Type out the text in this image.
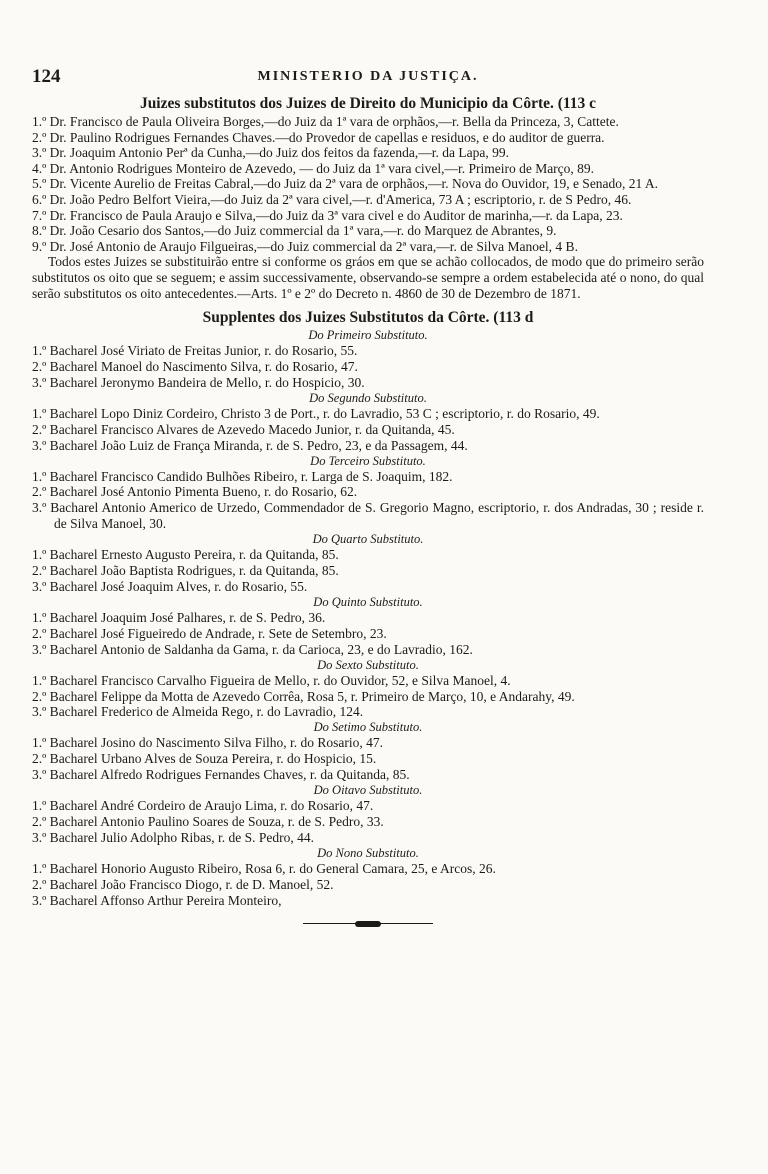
124	MINISTERIO DA JUSTIÇA.
Juizes substitutos dos Juizes de Direito do Municipio da Côrte. (113 c

1.º Dr. Francisco de Paula Oliveira Borges,—do Juiz da 1ª vara de orphãos,—r. Bella da Princeza, 3, Cattete.

2.º Dr. Paulino Rodrigues Fernandes Chaves.—do Provedor de capellas e residuos, e do auditor de guerra.

3.º Dr. Joaquim Antonio Perª da Cunha,—do Juiz dos feitos da fazenda,—r. da Lapa, 99.

4.º Dr. Antonio Rodrigues Monteiro de Azevedo, — do Juiz da 1ª vara civel,—r. Primeiro de Março, 89.

5.º Dr. Vicente Aurelio de Freitas Cabral,—do Juiz da 2ª vara de orphãos,—r. Nova do Ouvidor, 19, e Senado, 21 A.

6.º Dr. João Pedro Belfort Vieira,—do Juiz da 2ª vara civel,—r. d'America, 73 A ; escriptorio, r. de S Pedro, 46.

7.º Dr. Francisco de Paula Araujo e Silva,—do Juiz da 3ª vara civel e do Auditor de marinha,—r. da Lapa, 23.

8.º Dr. João Cesario dos Santos,—do Juiz commercial da 1ª vara,—r. do Marquez de Abrantes, 9.

9.º Dr. José Antonio de Araujo Filgueiras,—do Juiz commercial da 2ª vara,—r. de Silva Manoel, 4 B.

Todos estes Juizes se substituirão entre si conforme os gráos em que se achão collocados, de modo que do primeiro serão substitutos os oito que se seguem; e assim successivamente, observando-se sempre a ordem estabelecida até o nono, do qual serão substitutos os oito antecedentes.—Arts. 1º e 2º do Decreto n. 4860 de 30 de Dezembro de 1871.

Supplentes dos Juizes Substitutos da Côrte. (113 d

Do Primeiro Substituto.

1.º Bacharel José Viriato de Freitas Junior, r. do Rosario, 55.

2.º Bacharel Manoel do Nascimento Silva, r. do Rosario, 47.

3.º Bacharel Jeronymo Bandeira de Mello, r. do Hospicio, 30.

Do Segundo Substituto.

1.º Bacharel Lopo Diniz Cordeiro, Christo 3 de Port., r. do Lavradio, 53 C ; escriptorio, r. do Rosario, 49.

2.º Bacharel Francisco Alvares de Azevedo Macedo Junior, r. da Quitanda, 45.

3.º Bacharel João Luiz de França Miranda, r. de S. Pedro, 23, e da Passagem, 44.

Do Terceiro Substituto.

1.º Bacharel Francisco Candido Bulhões Ribeiro, r. Larga de S. Joaquim, 182.

2.º Bacharel José Antonio Pimenta Bueno, r. do Rosario, 62.

3.º Bacharel Antonio Americo de Urzedo, Commendador de S. Gregorio Magno, escriptorio, r. dos Andradas, 30 ; reside r. de Silva Manoel, 30.

Do Quarto Substituto.

1.º Bacharel Ernesto Augusto Pereira, r. da Quitanda, 85.

2.º Bacharel João Baptista Rodrigues, r. da Quitanda, 85.

3.º Bacharel José Joaquim Alves, r. do Rosario, 55.

Do Quinto Substituto.

1.º Bacharel Joaquim José Palhares, r. de S. Pedro, 36.

2.º Bacharel José Figueiredo de Andrade, r. Sete de Setembro, 23.

3.º Bacharel Antonio de Saldanha da Gama, r. da Carioca, 23, e do Lavradio, 162.

Do Sexto Substituto.

1.º Bacharel Francisco Carvalho Figueira de Mello, r. do Ouvidor, 52, e Silva Manoel, 4.

2.º Bacharel Felippe da Motta de Azevedo Corrêa, Rosa 5, r. Primeiro de Março, 10, e Andarahy, 49.

3.º Bacharel Frederico de Almeida Rego, r. do Lavradio, 124.

Do Setimo Substituto.

1.º Bacharel Josino do Nascimento Silva Filho, r. do Rosario, 47.

2.º Bacharel Urbano Alves de Souza Pereira, r. do Hospicio, 15.

3.º Bacharel Alfredo Rodrigues Fernandes Chaves, r. da Quitanda, 85.

Do Oitavo Substituto.

1.º Bacharel André Cordeiro de Araujo Lima, r. do Rosario, 47.

2.º Bacharel Antonio Paulino Soares de Souza, r. de S. Pedro, 33.

3.º Bacharel Julio Adolpho Ribas, r. de S. Pedro, 44.

Do Nono Substituto.

1.º Bacharel Honorio Augusto Ribeiro, Rosa 6, r. do General Camara, 25, e Arcos, 26.

2.º Bacharel João Francisco Diogo, r. de D. Manoel, 52.

3.º Bacharel Affonso Arthur Pereira Monteiro,
